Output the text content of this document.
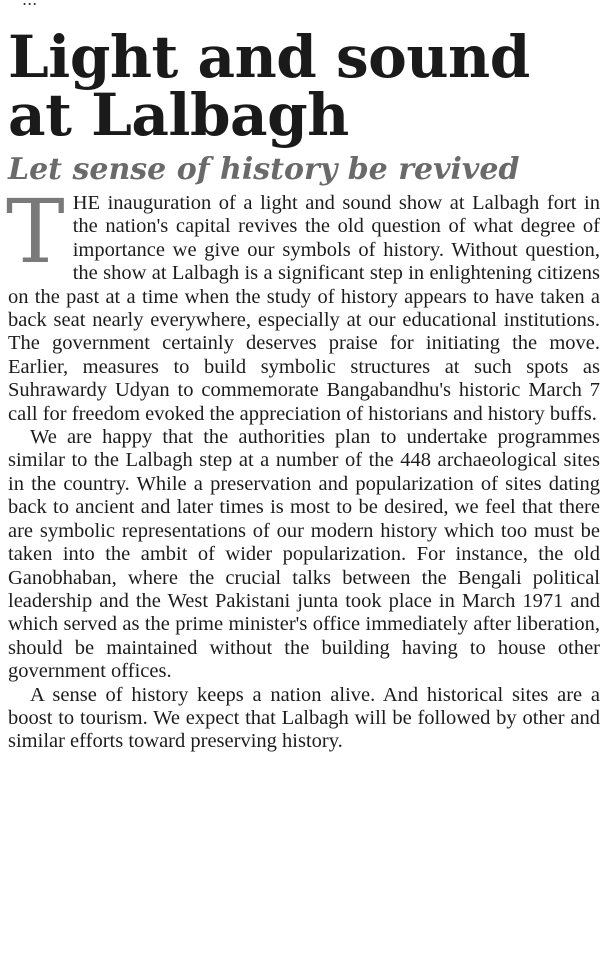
Light and sound at Lalbagh
Let sense of history be revived

THE inauguration of a light and sound show at Lalbagh fort in the nation's capital revives the old question of what degree of importance we give our symbols of history. Without question, the show at Lalbagh is a significant step in enlightening citizens on the past at a time when the study of history appears to have taken a back seat nearly everywhere, especially at our educational institutions. The government certainly deserves praise for initiating the move. Earlier, measures to build symbolic structures at such spots as Suhrawardy Udyan to commemorate Bangabandhu's historic March 7 call for freedom evoked the appreciation of historians and history buffs.

We are happy that the authorities plan to undertake programmes similar to the Lalbagh step at a number of the 448 archaeological sites in the country. While a preservation and popularization of sites dating back to ancient and later times is most to be desired, we feel that there are symbolic representations of our modern history which too must be taken into the ambit of wider popularization. For instance, the old Ganobhaban, where the crucial talks between the Bengali political leadership and the West Pakistani junta took place in March 1971 and which served as the prime minister's office immediately after liberation, should be maintained without the building having to house other government offices.

A sense of history keeps a nation alive. And historical sites are a boost to tourism. We expect that Lalbagh will be followed by other and similar efforts toward preserving history.
